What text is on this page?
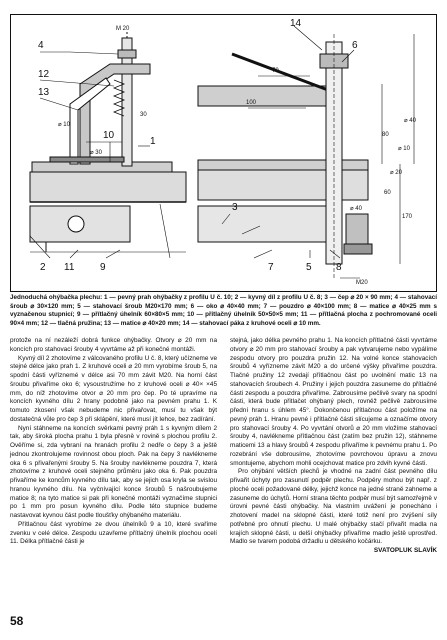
4
12
13
10
1
2 11	9
14
6
3
7	5 8
M 20
70
100
80
170
60
30
⌀ 30
⌀ 40
⌀ 40
⌀ 10
⌀ 20
⌀ 10
M20
Jednoduchá ohýbačka plechu: 1 — pevný prah ohýbačky z profilu U č. 10; 2 — kyvný díl z profilu U č. 8; 3 — čep ⌀ 20 × 90 mm; 4 — stahovací šroub ⌀ 30×120 mm; 5 — stahovací šroub M20×170 mm; 6 — oko ⌀ 40×40 mm; 7 — pouzdro ⌀ 40×100 mm; 8 — matice ⌀ 40×25 mm s vyznačenou stupnicí; 9 — přítlačný úhelník 60×80×5 mm; 10 — přítlačný úhelník 50×50×5 mm; 11 — přítlačná plocha z pochromované oceli 90×4 mm; 12 — tlačná pružina; 13 — matice ⌀ 40×20 mm; 14 — stahovací páka z kruhové oceli ⌀ 10 mm.

protože na ní nezáleží dobrá funkce ohýbačky. Otvory ⌀ 20 mm na koncích pro stahovací šrouby 4 vyvrtáme až při konečné montáži.

Kyvný díl 2 zhotovíme z válcovaného profilu U č. 8, který učízneme ve stejné délce jako prah 1. Z kruhové oceli ⌀ 20 mm vyrobíme šroub 5, na spodní části vyříznemé v délce asi 70 mm závit M20. Na horní část šroubu přivaříme oko 6; vysoustružíme ho z kruhové oceli ⌀ 40× ×45 mm, do níž zhotovíme otvor ⌀ 20 mm pro čep. Po té upravíme na koncích kyvného dílu 2 hrany podobně jako na pevném prahu 1. K tomuto zkosení však nebudeme nic přivařovat, musí tu však být dostatečná vůle pro čep 3 při sklápění, které musí jít lehce, bez zadírání.

Nyní stáhneme na koncích svěrkami pevný práh 1 s kyvným dílem 2 tak, aby široká plocha prahu 1 byla přesně v rovině s plochou profilu 2. Ověříme si, zda vybraní na hranách profilu 2 nedře o čepy 3 a ještě jednou zkontrolujeme rovinnost obou ploch. Pak na čepy 3 navlékneme oka 6 s přivařenými šrouby 5. Na šrouby navlékneme pouzdra 7, která zhotovíme z kruhové oceli stejného průměru jako oka 6. Pak pouzdra přivaříme ke koncům kyvného dílu tak, aby se jejich osa kryla se svislou hranou kyvného dílu. Na vyčnívající konce šroubů 5 našroubujeme matice 8; na tyto matice si pak při konečné montáži vyznačíme stupnici po 1 mm pro posun kyvného dílu. Podle této stupnice budeme nastavovat kyvnou část podle tloušťky ohýbaného materiálu.

Přítlačnou část vyrobíme ze dvou úhelníků 9 a 10, které svaříme zvenku v celé délce. Zespodu uzavřeme přítlačný úhelník plochou ocelí 11. Délka přítlačné části je

stejná, jako délka pevného prahu 1. Na koncích přítlačné části vyvrtáme otvory ⌀ 20 mm pro stahovací šrouby a pak vytvarujeme nebo vypálíme zespodu otvory pro pouzdra pružin 12. Na volné konce stahovacích šroubů 4 vyřízneme závit M20 a do určené výšky přivaříme pouzdra. Tlačné pružiny 12 zvedají přítlačnou část po uvolnění matic 13 na stahovacích šroubech 4. Pružiny i jejich pouzdra zasuneme do přítlačné části zespodu a pouzdra přivaříme. Zabrousíme pečlivě svary na spodní části, která bude přitlačet ohýbaný plech, rovněž pečlivě zabrousíme přední hranu s úhlem 45°. Dokončenou přítlačnou část položíme na pevný práh 1. Hranu pevné i přítlačné části slícujeme a označíme otvory pro stahovací šrouby 4. Po vyvrtání otvorů ⌀ 20 mm vložíme stahovací šrouby 4, navlékneme přítlačnou část (zatím bez pružin 12), stáhneme maticemi 13 a hlavy šroubů 4 zespodu přivaříme k pevnému prahu 1. Po rozebrání vše dobrousíme, zhotovíme povrchovou úpravu a znovu smontujeme, abychom mohli ocejchovat matice pro zdvih kyvné části.

Pro ohýbání větších plechů je vhodné na zadní část pevného dílu přivařit úchyty pro zasunutí podpěr plechu. Podpěry mohou být např. z ploché oceli požadované délky, jejichž konce na jedné straně zahneme a zasuneme do úchytů. Horní strana těchto podpěr musí být samozřejmě v úrovni pevné části ohýbačky. Na vlastním uvážení je ponecháno i zhotovení madel na sklopné části, které totiž není pro zvýšení síly potřebné pro ohnutí plechu. U malé ohýbačky stačí přivařit madla na krajích sklopné části, u delší ohýbačky přivaříme madlo ještě uprostřed. Madlo se tvarem podobá držadlu u dětského kočárku.

SVATOPLUK SLAVÍK

58
